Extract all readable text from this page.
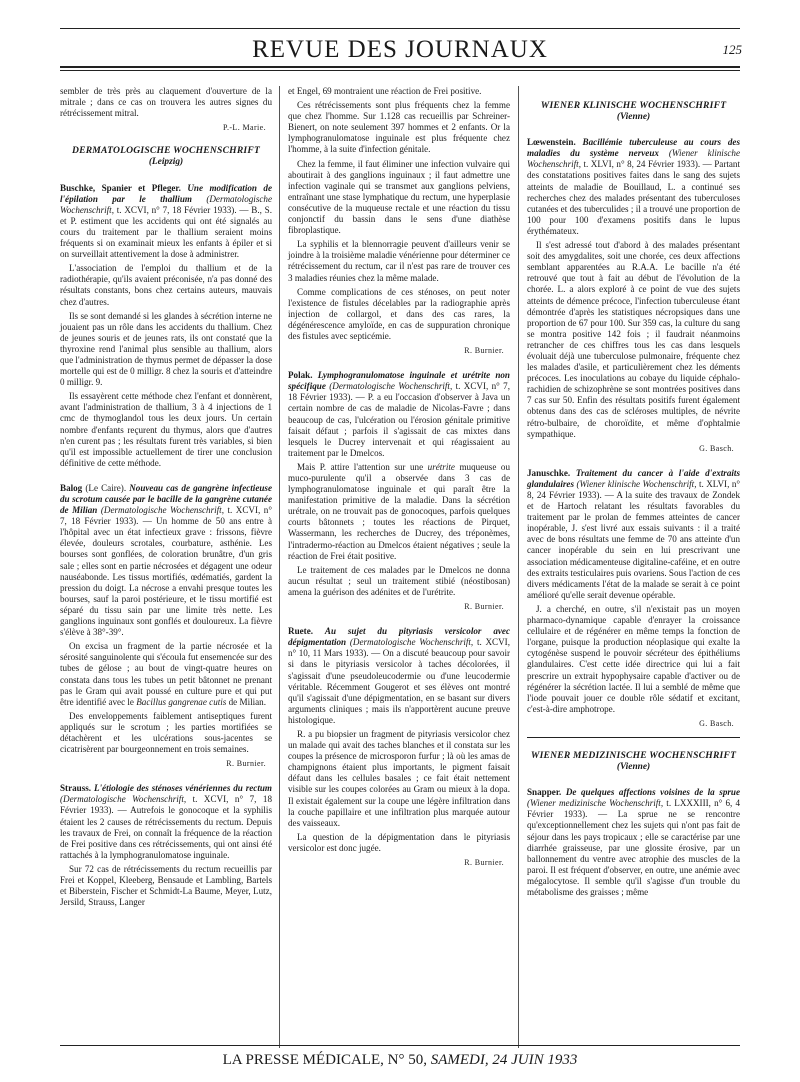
REVUE DES JOURNAUX	125

sembler de très près au claquement d'ouverture de la mitrale ; dans ce cas on trouvera les autres signes du rétrécissement mitral.

P.-L. Marie.
DERMATOLOGISCHE WOCHENSCHRIFT
(Leipzig)

Buschke, Spanier et Pfleger. Une modification de l'épilation par le thallium (Dermatologische Wochenschrift, t. XCVI, n° 7, 18 Février 1933). — B., S. et P. estiment que les accidents qui ont été signalés au cours du traitement par le thallium seraient moins fréquents si on examinait mieux les enfants à épiler et si on surveillait attentivement la dose à administrer.

L'association de l'emploi du thallium et de la radiothérapie, qu'ils avaient préconisée, n'a pas donné des résultats constants, bons chez certains auteurs, mauvais chez d'autres.

Ils se sont demandé si les glandes à sécrétion interne ne jouaient pas un rôle dans les accidents du thallium. Chez de jeunes souris et de jeunes rats, ils ont constaté que la thyroxine rend l'animal plus sensible au thallium, alors que l'administration de thymus permet de dépasser la dose mortelle qui est de 0 milligr. 8 chez la souris et d'atteindre 0 milligr. 9.

Ils essayèrent cette méthode chez l'enfant et donnèrent, avant l'administration de thallium, 3 à 4 injections de 1 cmc de thymoglandol tous les deux jours. Un certain nombre d'enfants reçurent du thymus, alors que d'autres n'en curent pas ; les résultats furent très variables, si bien qu'il est impossible actuellement de tirer une conclusion définitive de cette méthode.

Balog (Le Caire). Nouveau cas de gangrène infectieuse du scrotum causée par le bacille de la gangrène cutanée de Milian (Dermatologische Wochenschrift, t. XCVI, n° 7, 18 Février 1933). — Un homme de 50 ans entre à l'hôpital avec un état infectieux grave : frissons, fièvre élevée, douleurs scrotales, courbature, asthénie. Les bourses sont gonflées, de coloration brunâtre, d'un gris sale ; elles sont en partie nécrosées et dégagent une odeur nauséabonde. Les tissus mortifiés, œdématiés, gardent la pression du doigt. La nécrose a envahi presque toutes les bourses, sauf la paroi postérieure, et le tissu mortifié est séparé du tissu sain par une limite très nette. Les ganglions inguinaux sont gonflés et douloureux. La fièvre s'élève à 38°-39°.

On excisa un fragment de la partie nécrosée et la sérosité sanguinolente qui s'écoula fut ensemencée sur des tubes de gélose ; au bout de vingt-quatre heures on constata dans tous les tubes un petit bâtonnet ne prenant pas le Gram qui avait poussé en culture pure et qui put être identifié avec le Bacillus gangrenae cutis de Milian.

Des enveloppements faiblement antiseptiques furent appliqués sur le scrotum ; les parties mortifiées se détachèrent et les ulcérations sous-jacentes se cicatrisèrent par bourgeonnement en trois semaines.

R. Burnier.

Strauss. L'étiologie des sténoses vénériennes du rectum (Dermatologische Wochenschrift, t. XCVI, n° 7, 18 Février 1933). — Autrefois le gonocoque et la syphilis étaient les 2 causes de rétrécissements du rectum. Depuis les travaux de Frei, on connaît la fréquence de la réaction de Frei positive dans ces rétrécissements, qui ont ainsi été rattachés à la lymphogranulomatose inguinale.

Sur 72 cas de rétrécissements du rectum recueillis par Frei et Koppel, Kleeberg, Bensaude et Lambling, Bartels et Biberstein, Fischer et Schmidt-La Baume, Meyer, Lutz, Jersild, Strauss, Langer

et Engel, 69 montraient une réaction de Frei positive.

Ces rétrécissements sont plus fréquents chez la femme que chez l'homme. Sur 1.128 cas recueillis par Schreiner-Bienert, on note seulement 397 hommes et 2 enfants. Or la lymphogranulomatose inguinale est plus fréquente chez l'homme, à la suite d'infection génitale.

Chez la femme, il faut éliminer une infection vulvaire qui aboutirait à des ganglions inguinaux ; il faut admettre une infection vaginale qui se transmet aux ganglions pelviens, entraînant une stase lymphatique du rectum, une hyperplasie consécutive de la muqueuse rectale et une réaction du tissu conjonctif du bassin dans le sens d'une diathèse fibroplastique.

La syphilis et la blennorragie peuvent d'ailleurs venir se joindre à la troisième maladie vénérienne pour déterminer ce rétrécissement du rectum, car il n'est pas rare de trouver ces 3 maladies réunies chez la même malade.

Comme complications de ces sténoses, on peut noter l'existence de fistules décelables par la radiographie après injection de collargol, et dans des cas rares, la dégénérescence amyloïde, en cas de suppuration chronique des fistules avec septicémie.

R. Burnier.

Polak. Lymphogranulomatose inguinale et urétrite non spécifique (Dermatologische Wochenschrift, t. XCVI, n° 7, 18 Février 1933). — P. a eu l'occasion d'observer à Java un certain nombre de cas de maladie de Nicolas-Favre ; dans beaucoup de cas, l'ulcération ou l'érosion génitale primitive faisait défaut ; parfois il s'agissait de cas mixtes dans lesquels le Ducrey intervenait et qui réagissaient au traitement par le Dmelcos.

Mais P. attire l'attention sur une urétrite muqueuse ou muco-purulente qu'il a observée dans 3 cas de lymphogranulomatose inguinale et qui paraît être la manifestation primitive de la maladie. Dans la sécrétion urétrale, on ne trouvait pas de gonocoques, parfois quelques courts bâtonnets ; toutes les réactions de Pirquet, Wassermann, les recherches de Ducrey, des tréponèmes, l'intradermo-réaction au Dmelcos étaient négatives ; seule la réaction de Frei était positive.

Le traitement de ces malades par le Dmelcos ne donna aucun résultat ; seul un traitement stibié (néostibosan) amena la guérison des adénites et de l'urétrite.

R. Burnier.

Ruete. Au sujet du pityriasis versicolor avec dépigmentation (Dermatologische Wochenschrift, t. XCVI, n° 10, 11 Mars 1933). — On a discuté beaucoup pour savoir si dans le pityriasis versicolor à taches décolorées, il s'agissait d'une pseudoleucodermie ou d'une leucodermie véritable. Récemment Gougerot et ses élèves ont montré qu'il s'agissait d'une dépigmentation, en se basant sur divers arguments cliniques ; mais ils n'apportèrent aucune preuve histologique.

R. a pu biopsier un fragment de pityriasis versicolor chez un malade qui avait des taches blanches et il constata sur les coupes la présence de microsporon furfur ; là où les amas de champignons étaient plus importants, le pigment faisait défaut dans les cellules basales ; ce fait était nettement visible sur les coupes colorées au Gram ou mieux à la dopa. Il existait également sur la coupe une légère infiltration dans la couche papillaire et une infiltration plus marquée autour des vaisseaux.

La question de la dépigmentation dans le pityriasis versicolor est donc jugée.

R. Burnier.
WIENER KLINISCHE WOCHENSCHRIFT
(Vienne)

Lœwenstein. Bacillémie tuberculeuse au cours des maladies du système nerveux (Wiener klinische Wochenschrift, t. XLVI, n° 8, 24 Février 1933). — Partant des constatations positives faites dans le sang des sujets atteints de maladie de Bouillaud, L. a continué ses recherches chez des malades présentant des tuberculoses cutanées et des tuberculides ; il a trouvé une proportion de 100 pour 100 d'examens positifs dans le lupus érythémateux.

Il s'est adressé tout d'abord à des malades présentant soit des amygdalites, soit une chorée, ces deux affections semblant apparentées au R.A.A. Le bacille n'a été retrouvé que tout à fait au début de l'évolution de la chorée. L. a alors exploré à ce point de vue des sujets atteints de démence précoce, l'infection tuberculeuse étant démontrée d'après les statistiques nécropsiques dans une proportion de 67 pour 100. Sur 359 cas, la culture du sang se montra positive 142 fois ; il faudrait néanmoins retrancher de ces chiffres tous les cas dans lesquels évoluait déjà une tuberculose pulmonaire, fréquente chez les malades d'asile, et particulièrement chez les déments précoces. Les inoculations au cobaye du liquide céphalo-rachidien de schizophrène se sont montrées positives dans 7 cas sur 50. Enfin des résultats positifs furent également obtenus dans des cas de scléroses multiples, de névrite rétro-bulbaire, de choroïdite, et même d'ophtalmie sympathique.

G. Basch.

Januschke. Traitement du cancer à l'aide d'extraits glandulaires (Wiener klinische Wochenschrift, t. XLVI, n° 8, 24 Février 1933). — A la suite des travaux de Zondek et de Hartoch relatant les résultats favorables du traitement par le prolan de femmes atteintes de cancer inopérable, J. s'est livré aux essais suivants : il a traité avec de bons résultats une femme de 70 ans atteinte d'un cancer inopérable du sein en lui prescrivant une association médicamenteuse digitaline-caféine, et en outre des extraits testiculaires puis ovariens. Sous l'action de ces divers médicaments l'état de la malade se serait à ce point amélioré qu'elle serait devenue opérable.

J. a cherché, en outre, s'il n'existait pas un moyen pharmaco-dynamique capable d'enrayer la croissance cellulaire et de régénérer en même temps la fonction de l'organe, puisque la production néoplasique qui exalte la cytogénèse suspend le pouvoir sécréteur des épithéliums glandulaires. C'est cette idée directrice qui lui a fait prescrire un extrait hypophysaire capable d'activer ou de régénérer la sécrétion lactée. Il lui a semblé de même que l'iode pouvait jouer ce double rôle sédatif et excitant, c'est-à-dire amphotrope.

G. Basch.
WIENER MEDIZINISCHE WOCHENSCHRIFT
(Vienne)

Snapper. De quelques affections voisines de la sprue (Wiener medizinische Wochenschrift, t. LXXXIII, n° 6, 4 Février 1933). — La sprue ne se rencontre qu'exceptionnellement chez les sujets qui n'ont pas fait de séjour dans les pays tropicaux ; elle se caractérise par une diarrhée graisseuse, par une glossite érosive, par un ballonnement du ventre avec atrophie des muscles de la paroi. Il est fréquent d'observer, en outre, une anémie avec mégalocytose. Il semble qu'il s'agisse d'un trouble du métabolisme des graisses ; même

LA PRESSE MÉDICALE, N° 50, SAMEDI, 24 JUIN 1933
